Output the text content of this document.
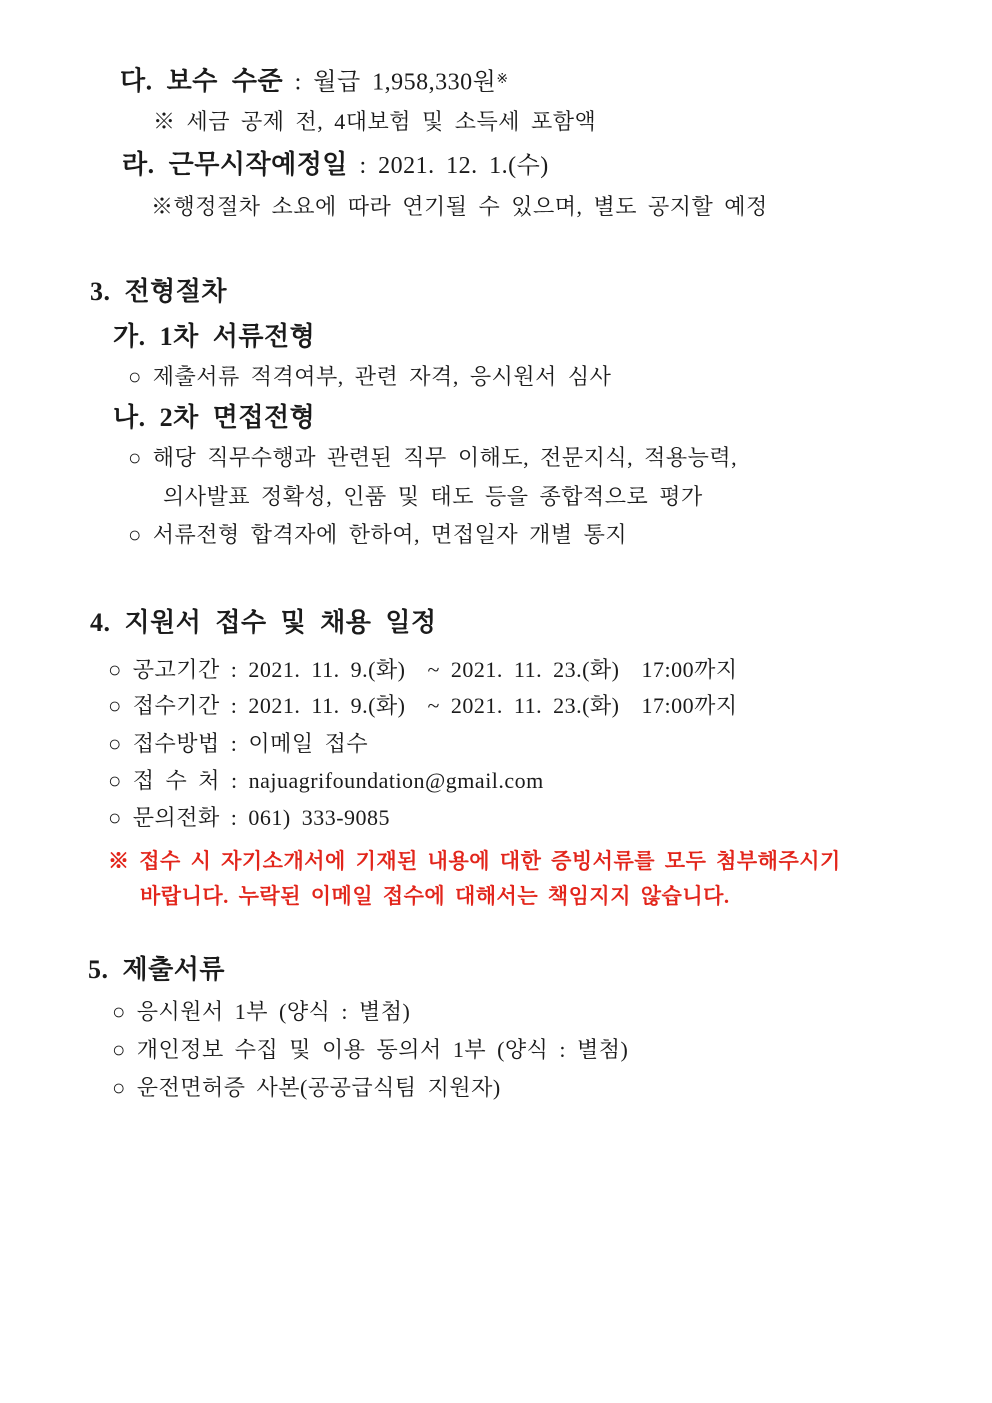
다. 보수 수준 : 월급 1,958,330원※
※ 세금 공제 전, 4대보험 및 소득세 포함액
라. 근무시작예정일 : 2021. 12. 1.(수)
※행정절차 소요에 따라 연기될 수 있으며, 별도 공지할 예정
3. 전형절차
가. 1차 서류전형
○ 제출서류 적격여부, 관련 자격, 응시원서 심사
나. 2차 면접전형
○ 해당 직무수행과 관련된 직무 이해도, 전문지식, 적용능력,
의사발표 정확성, 인품 및 태도 등을 종합적으로 평가
○ 서류전형 합격자에 한하여, 면접일자 개별 통지
4. 지원서 접수 및 채용 일정
○ 공고기간 : 2021. 11. 9.(화)  ~ 2021. 11. 23.(화)  17:00까지
○ 접수기간 : 2021. 11. 9.(화)  ~ 2021. 11. 23.(화)  17:00까지
○ 접수방법 : 이메일 접수
○ 접 수 처 : najuagrifoundation@gmail.com
○ 문의전화 : 061) 333-9085
※ 접수 시 자기소개서에 기재된 내용에 대한 증빙서류를 모두 첨부해주시기
바랍니다. 누락된 이메일 접수에 대해서는 책임지지 않습니다.
5. 제출서류
○ 응시원서 1부 (양식 : 별첨)
○ 개인정보 수집 및 이용 동의서 1부 (양식 : 별첨)
○ 운전면허증 사본(공공급식팀 지원자)
